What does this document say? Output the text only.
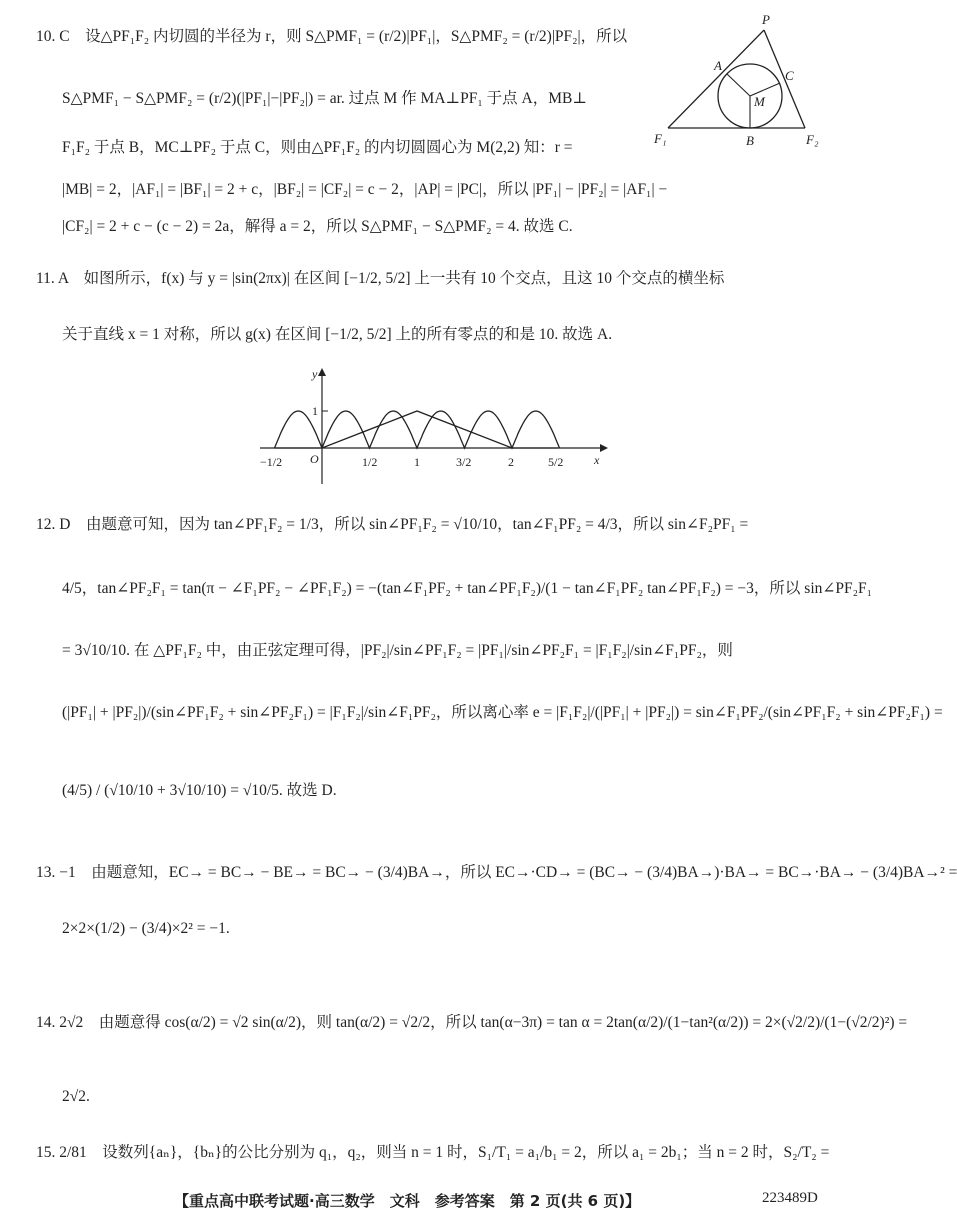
10. C　设△PF₁F₂ 内切圆的半径为 r，则 S△PMF₁ = (r/2)|PF₁|，S△PMF₂ = (r/2)|PF₂|，所以
S△PMF₁ − S△PMF₂ = (r/2)(|PF₁|−|PF₂|) = ar. 过点 M 作 MA⊥PF₁ 于点 A，MB⊥
F₁F₂ 于点 B，MC⊥PF₂ 于点 C，则由△PF₁F₂ 的内切圆圆心为 M(2,2) 知：r =
|MB| = 2，|AF₁| = |BF₁| = 2 + c，|BF₂| = |CF₂| = c − 2，|AP| = |PC|，所以 |PF₁| − |PF₂| = |AF₁| −
|CF₂| = 2 + c − (c − 2) = 2a，解得 a = 2，所以 S△PMF₁ − S△PMF₂ = 4. 故选 C.
P
A
C
M
F₁	B	F₂
11. A　如图所示，f(x) 与 y = |sin(2πx)| 在区间 [−1/2, 5/2] 上一共有 10 个交点，且这 10 个交点的横坐标
关于直线 x = 1 对称，所以 g(x) 在区间 [−1/2, 5/2] 上的所有零点的和是 10. 故选 A.
y
x
O
1
−1/2	1/2	1	3/2	2	5/2
12. D　由题意可知，因为 tan∠PF₁F₂ = 1/3，所以 sin∠PF₁F₂ = √10/10，tan∠F₁PF₂ = 4/3，所以 sin∠F₂PF₁ =
4/5，tan∠PF₂F₁ = tan(π − ∠F₁PF₂ − ∠PF₁F₂) = −(tan∠F₁PF₂ + tan∠PF₁F₂)/(1 − tan∠F₁PF₂ tan∠PF₁F₂) = −3，所以 sin∠PF₂F₁
= 3√10/10. 在 △PF₁F₂ 中，由正弦定理可得，|PF₂|/sin∠PF₁F₂ = |PF₁|/sin∠PF₂F₁ = |F₁F₂|/sin∠F₁PF₂，则
(|PF₁| + |PF₂|)/(sin∠PF₁F₂ + sin∠PF₂F₁) = |F₁F₂|/sin∠F₁PF₂，所以离心率 e = |F₁F₂|/(|PF₁| + |PF₂|) = sin∠F₁PF₂/(sin∠PF₁F₂ + sin∠PF₂F₁) =
(4/5) / (√10/10 + 3√10/10) = √10/5. 故选 D.
13. −1　由题意知，EC→ = BC→ − BE→ = BC→ − (3/4)BA→，所以 EC→·CD→ = (BC→ − (3/4)BA→)·BA→ = BC→·BA→ − (3/4)BA→² =
2×2×(1/2) − (3/4)×2² = −1.
14. 2√2　由题意得 cos(α/2) = √2 sin(α/2)，则 tan(α/2) = √2/2，所以 tan(α−3π) = tan α = 2tan(α/2)/(1−tan²(α/2)) = 2×(√2/2)/(1−(√2/2)²) =
2√2.
15. 2/81　设数列{aₙ}，{bₙ}的公比分别为 q₁，q₂，则当 n = 1 时，S₁/T₁ = a₁/b₁ = 2，所以 a₁ = 2b₁；当 n = 2 时，S₂/T₂ =
【重点高中联考试题·高三数学　文科　参考答案　第 2 页(共 6 页)】	223489D
